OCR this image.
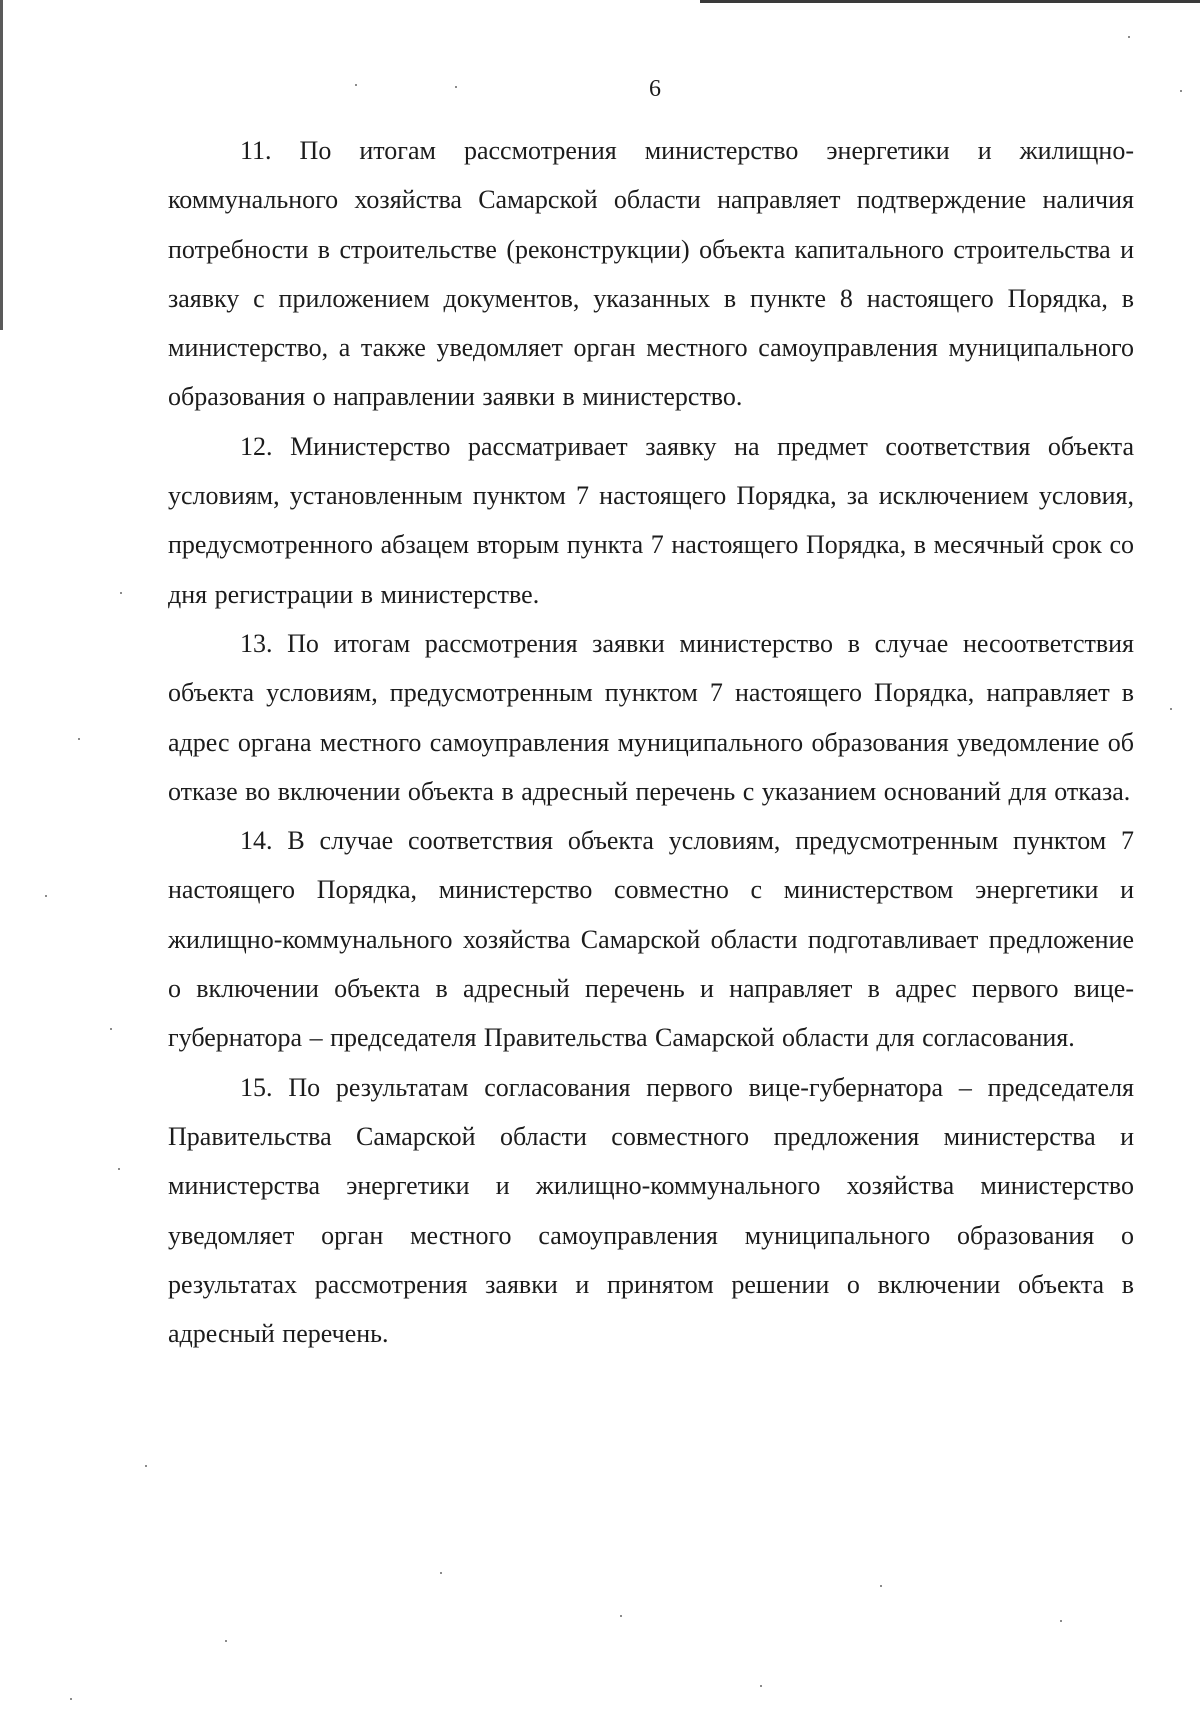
6

11. По итогам рассмотрения министерство энергетики и жилищно-коммунального хозяйства Самарской области направляет подтверждение наличия потребности в строительстве (реконструкции) объекта капитального строительства и заявку с приложением документов, указанных в пункте 8 настоящего Порядка, в министерство, а также уведомляет орган местного самоуправления муниципального образования о направлении заявки в министерство.

12. Министерство рассматривает заявку на предмет соответствия объекта условиям, установленным пунктом 7 настоящего Порядка, за исключением условия, предусмотренного абзацем вторым пункта 7 настоящего Порядка, в месячный срок со дня регистрации в министерстве.

13. По итогам рассмотрения заявки министерство в случае несоответствия объекта условиям, предусмотренным пунктом 7 настоящего Порядка, направляет в адрес органа местного самоуправления муниципального образования уведомление об отказе во включении объекта в адресный перечень с указанием оснований для отказа.

14. В случае соответствия объекта условиям, предусмотренным пунктом 7 настоящего Порядка, министерство совместно с министерством энергетики и жилищно-коммунального хозяйства Самарской области подготавливает предложение о включении объекта в адресный перечень и направляет в адрес первого вице-губернатора – председателя Правительства Самарской области для согласования.

15. По результатам согласования первого вице-губернатора – председателя Правительства Самарской области совместного предложения министерства и министерства энергетики и жилищно-коммунального хозяйства министерство уведомляет орган местного самоуправления муниципального образования о результатах рассмотрения заявки и принятом решении о включении объекта в адресный перечень.
